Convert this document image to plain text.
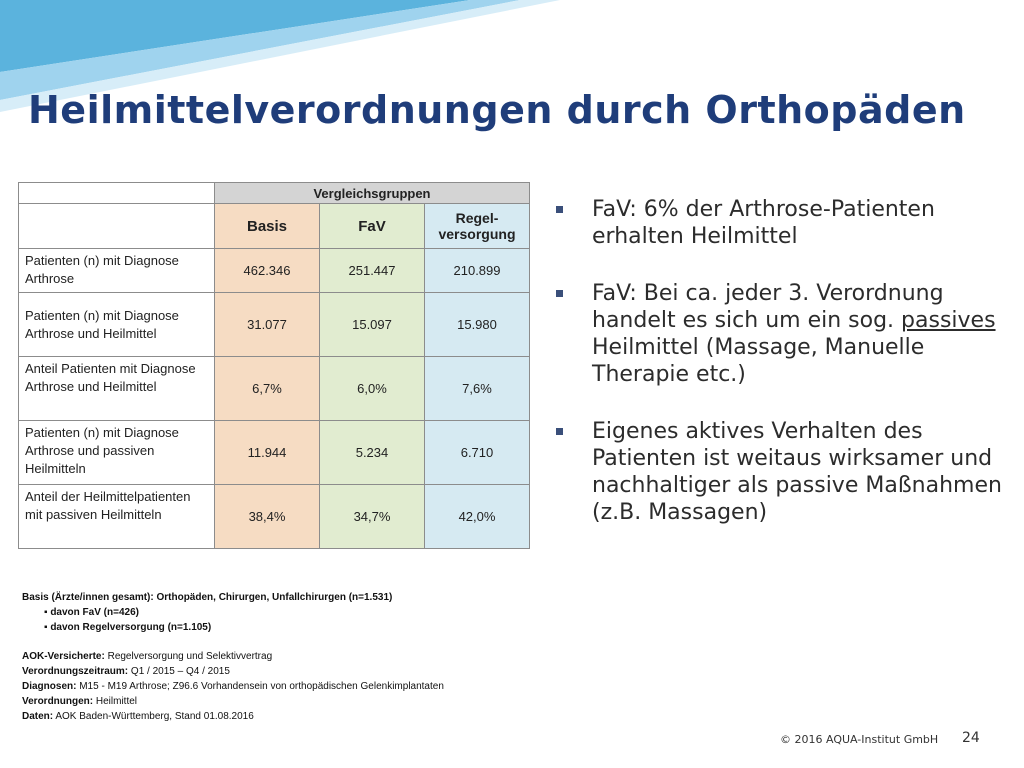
Heilmittelverordnungen durch Orthopäden
	Vergleichsgruppen		
	Basis	FaV	Regel-
versorgung
Patienten (n) mit Diagnose Arthrose	462.346	251.447	210.899
Patienten (n) mit Diagnose Arthrose und Heilmittel	31.077	15.097	15.980
Anteil Patienten mit Diagnose Arthrose und Heilmittel	6,7%	6,0%	7,6%
Patienten (n) mit Diagnose Arthrose und passiven Heilmitteln	11.944	5.234	6.710
Anteil der Heilmittelpatienten mit passiven Heilmitteln	38,4%	34,7%	42,0%
FaV: 6% der Arthrose-Patienten erhalten Heilmittel
FaV: Bei ca. jeder 3. Verordnung handelt es sich um ein sog. passives Heilmittel (Massage, Manuelle Therapie etc.)
Eigenes aktives Verhalten des Patienten ist weitaus wirksamer und nachhaltiger als passive Maßnahmen (z.B. Massagen)
Basis (Ärzte/innen gesamt): Orthopäden, Chirurgen, Unfallchirurgen (n=1.531)
▪ davon FaV (n=426)
▪ davon Regelversorgung (n=1.105)
AOK-Versicherte: Regelversorgung und Selektivvertrag
Verordnungszeitraum: Q1 / 2015 – Q4 / 2015
Diagnosen: M15 - M19 Arthrose; Z96.6 Vorhandensein von orthopädischen Gelenkimplantaten
Verordnungen: Heilmittel
Daten: AOK Baden-Württemberg, Stand 01.08.2016
© 2016 AQUA-Institut GmbH 24
